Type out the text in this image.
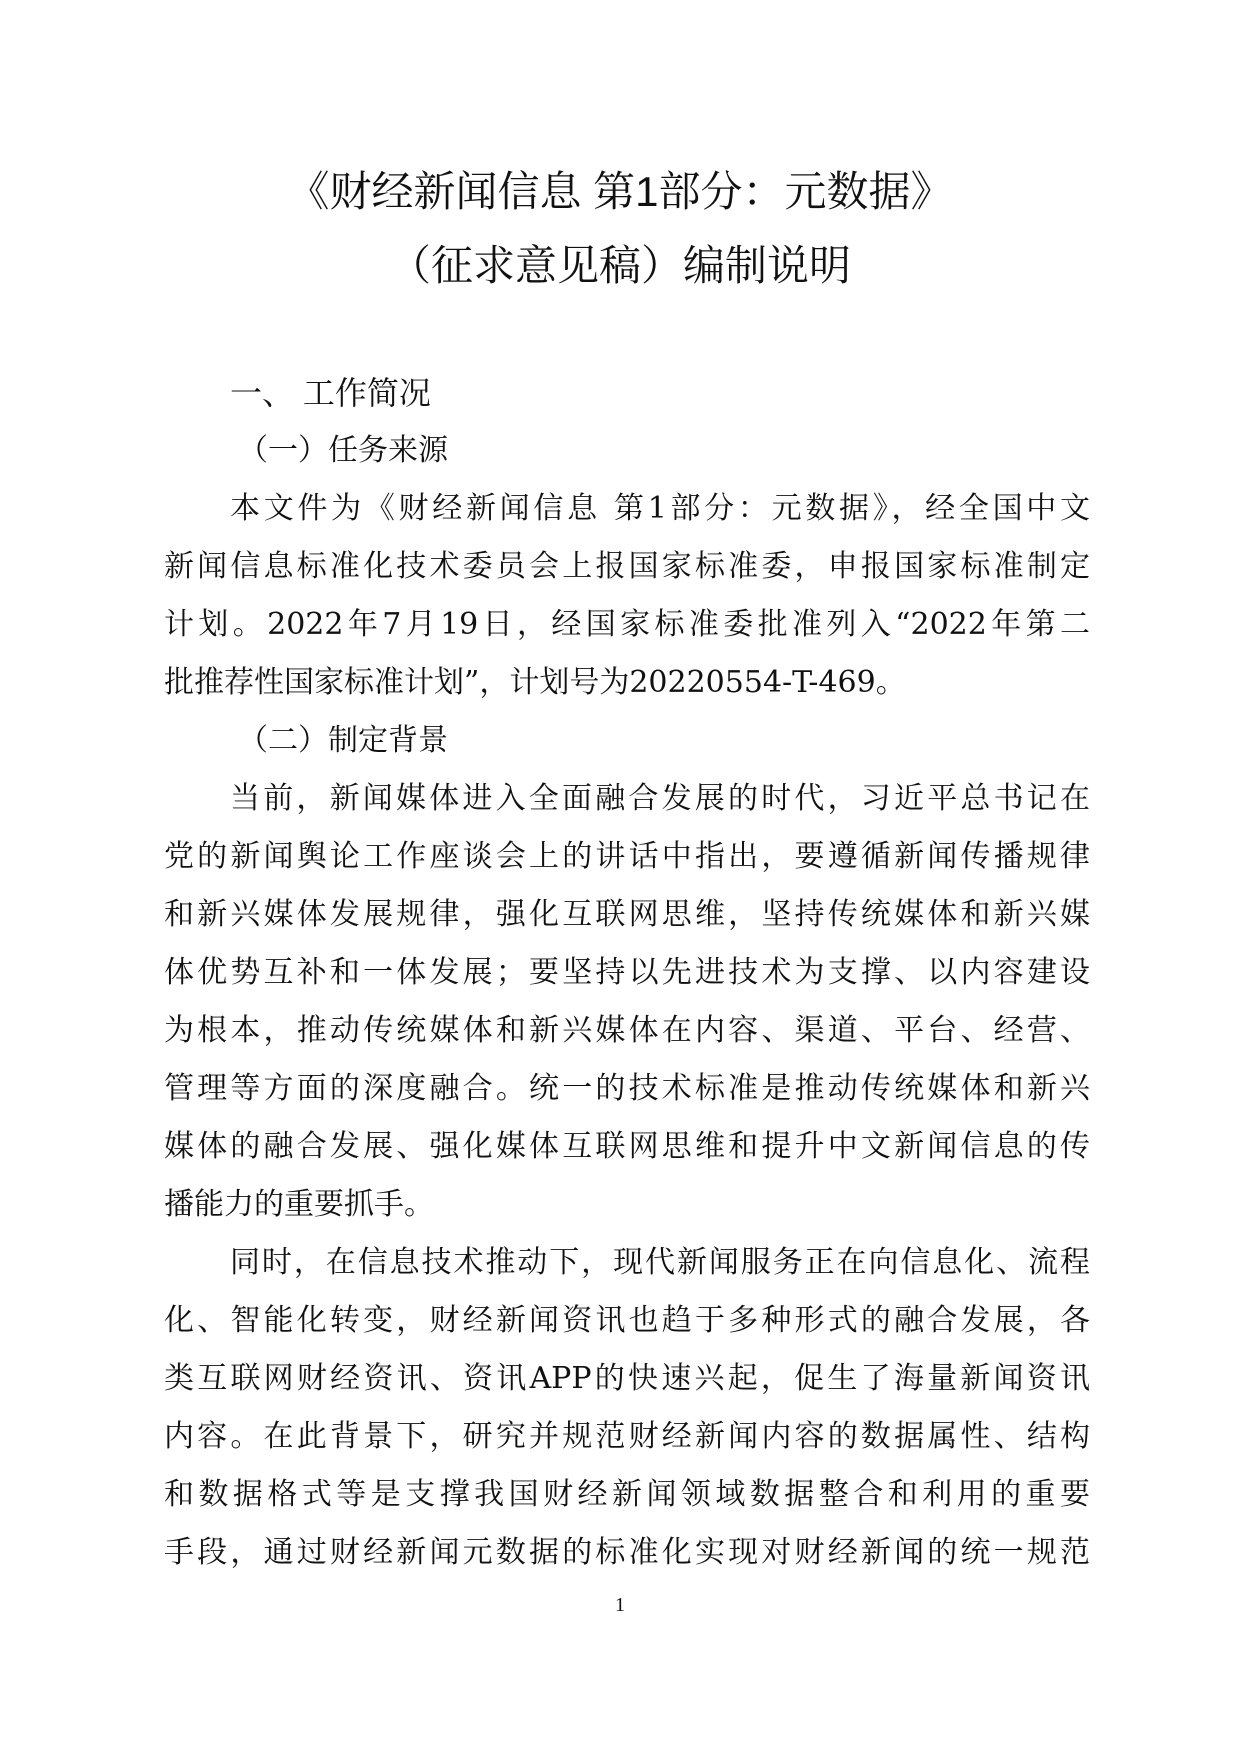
《财经新闻信息 第1部分：元数据》
（征求意见稿）编制说明
一、 工作简况
（一）任务来源
本文件为《财经新闻信息 第1部分：元数据》，经全国中文
新闻信息标准化技术委员会上报国家标准委，申报国家标准制定
计划。2022年7月19日，经国家标准委批准列入“2022年第二
批推荐性国家标准计划”，计划号为20220554-T-469。
（二）制定背景
当前，新闻媒体进入全面融合发展的时代，习近平总书记在
党的新闻舆论工作座谈会上的讲话中指出，要遵循新闻传播规律
和新兴媒体发展规律，强化互联网思维，坚持传统媒体和新兴媒
体优势互补和一体发展；要坚持以先进技术为支撑、以内容建设
为根本，推动传统媒体和新兴媒体在内容、渠道、平台、经营、
管理等方面的深度融合。统一的技术标准是推动传统媒体和新兴
媒体的融合发展、强化媒体互联网思维和提升中文新闻信息的传
播能力的重要抓手。
同时，在信息技术推动下，现代新闻服务正在向信息化、流程
化、智能化转变，财经新闻资讯也趋于多种形式的融合发展，各
类互联网财经资讯、资讯APP的快速兴起，促生了海量新闻资讯
内容。在此背景下，研究并规范财经新闻内容的数据属性、结构
和数据格式等是支撑我国财经新闻领域数据整合和利用的重要
手段，通过财经新闻元数据的标准化实现对财经新闻的统一规范
1
